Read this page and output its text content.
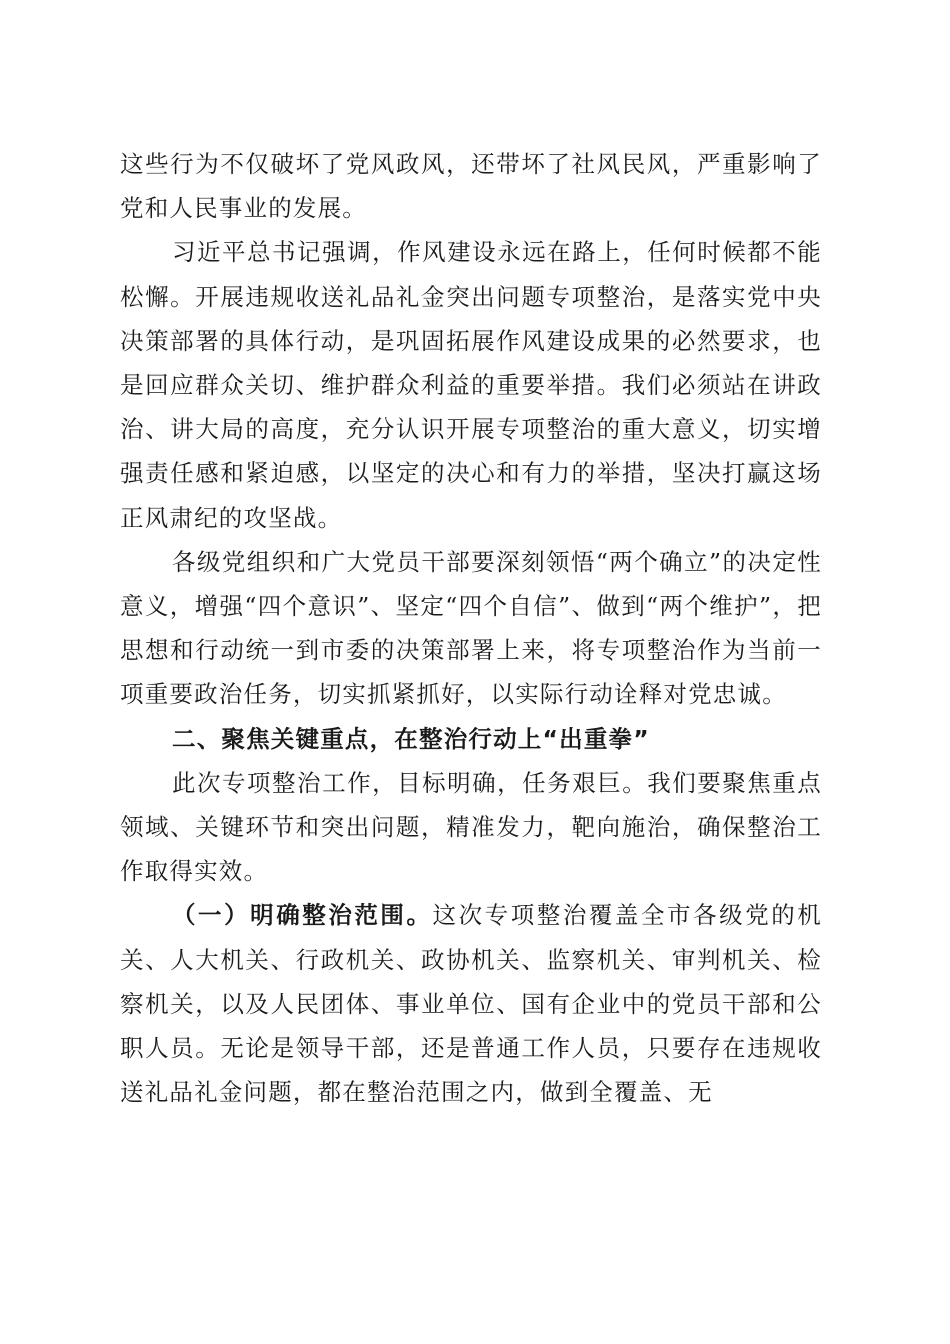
这些行为不仅破坏了党风政风，还带坏了社风民风，严重影响了党和人民事业的发展。

习近平总书记强调，作风建设永远在路上，任何时候都不能松懈。开展违规收送礼品礼金突出问题专项整治，是落实党中央决策部署的具体行动，是巩固拓展作风建设成果的必然要求，也是回应群众关切、维护群众利益的重要举措。我们必须站在讲政治、讲大局的高度，充分认识开展专项整治的重大意义，切实增强责任感和紧迫感，以坚定的决心和有力的举措，坚决打赢这场正风肃纪的攻坚战。

各级党组织和广大党员干部要深刻领悟“两个确立”的决定性意义，增强“四个意识”、坚定“四个自信”、做到“两个维护”，把思想和行动统一到市委的决策部署上来，将专项整治作为当前一项重要政治任务，切实抓紧抓好，以实际行动诠释对党忠诚。

二、聚焦关键重点，在整治行动上“出重拳”

此次专项整治工作，目标明确，任务艰巨。我们要聚焦重点领域、关键环节和突出问题，精准发力，靶向施治，确保整治工作取得实效。

（一）明确整治范围。这次专项整治覆盖全市各级党的机关、人大机关、行政机关、政协机关、监察机关、审判机关、检察机关，以及人民团体、事业单位、国有企业中的党员干部和公职人员。无论是领导干部，还是普通工作人员，只要存在违规收送礼品礼金问题，都在整治范围之内，做到全覆盖、无
